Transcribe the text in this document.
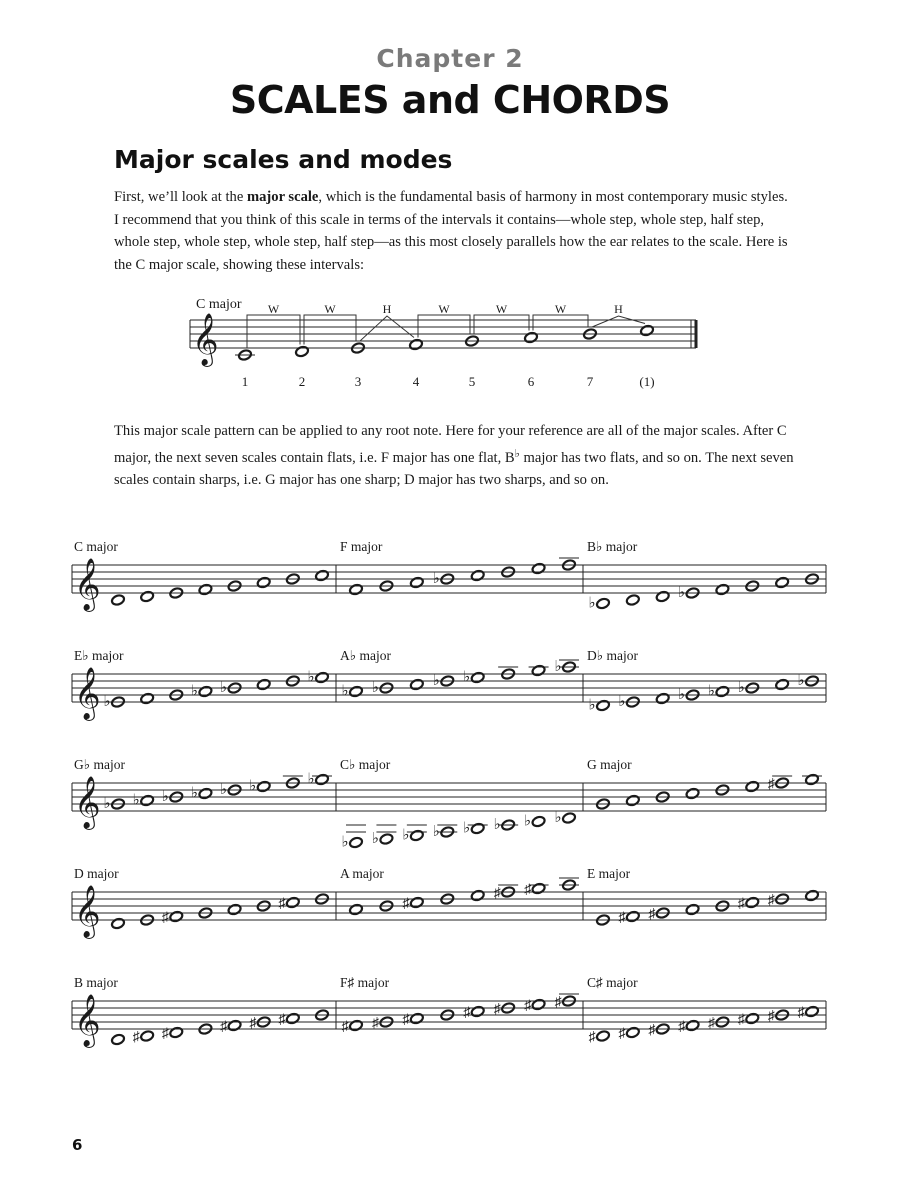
Chapter 2
SCALES and CHORDS
Major scales and modes

First, we’ll look at the major scale, which is the fundamental basis of harmony in most contemporary music styles. I recommend that you think of this scale in terms of the intervals it contains—whole step, whole step, half step, whole step, whole step, whole step, half step—as this most closely parallels how the ear relates to the scale. Here is the C major scale, showing these intervals:

𝄞
C major
1	2	3	4	5	6	7	(1)
W	W	H	W	W	W	H

This major scale pattern can be applied to any root note. Here for your reference are all of the major scales. After C major, the next seven scales contain flats, i.e. F major has one flat, B♭ major has two flats, and so on. The next seven scales contain sharps, i.e. G major has one sharp; D major has two sharps, and so on.

𝄞
C major	F major
♭
B♭ major
♭
♭
𝄞
E♭ major
♭
♭ ♭
♭
A♭ major
♭ ♭	♭ ♭
♭
D♭ major
♭ ♭	♭ ♭ ♭	♭
𝄞
G♭ major
♭ ♭ ♭ ♭ ♭ ♭	♭
C♭ major
♭ ♭ ♭ ♭ ♭ ♭ ♭ ♭
G major
♯
𝄞
D major
♯
♯
A major
♯
♯ ♯
E major
♯ ♯
♯ ♯
𝄞
B major
♯ ♯	♯ ♯ ♯
F♯ major
♯ ♯ ♯	♯ ♯ ♯ ♯
C♯ major
♯ ♯ ♯ ♯ ♯ ♯ ♯ ♯
6
